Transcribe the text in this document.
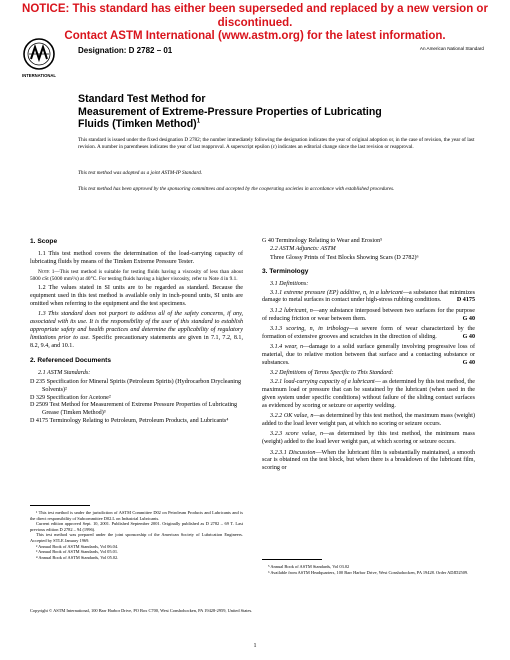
NOTICE: This standard has either been superseded and replaced by a new version or discontinued.
Contact ASTM International (www.astm.org) for the latest information.
INTERNATIONAL
Designation: D 2782 – 01	An American National Standard
Standard Test Method for
Measurement of Extreme-Pressure Properties of Lubricating
Fluids (Timken Method)$^1$
This standard is issued under the fixed designation D 2782; the number immediately following the designation indicates the year of original adoption or, in the case of revision, the year of last revision. A number in parentheses indicates the year of last reapproval. A superscript epsilon (ε) indicates an editorial change since the last revision or reapproval.
This test method was adopted as a joint ASTM-IP Standard.
This test method has been approved by the sponsoring committees and accepted by the cooperating societies in accordance with established procedures.
1. Scope

1.1 This test method covers the determination of the load-carrying capacity of lubricating fluids by means of the Timken Extreme Pressure Tester.

Note 1—This test method is suitable for testing fluids having a viscosity of less than about 5000 cSt (5000 mm²/s) at 40°C. For testing fluids having a higher viscosity, refer to Note 4 in 9.1.

1.2 The values stated in SI units are to be regarded as standard. Because the equipment used in this test method is available only in inch-pound units, SI units are omitted when referring to the equipment and the test specimens.

1.3 This standard does not purport to address all of the safety concerns, if any, associated with its use. It is the responsibility of the user of this standard to establish appropriate safety and health practices and determine the applicability of regulatory limitations prior to use. Specific precautionary statements are given in 7.1, 7.2, 8.1, 8.2, 9.4, and 10.1.

2. Referenced Documents

2.1 ASTM Standards:

D 235 Specification for Mineral Spirits (Petroleum Spirits) (Hydrocarbon Drycleaning Solvents)²

D 329 Specification for Acetone²

D 2509 Test Method for Measurement of Extreme Pressure Properties of Lubricating Grease (Timken Method)³

D 4175 Terminology Relating to Petroleum, Petroleum Products, and Lubricants⁴

G 40 Terminology Relating to Wear and Erosion⁵

2.2 ASTM Adjuncts: ASTM

Three Glossy Prints of Test Blocks Showing Scars (D 2782)⁶

3. Terminology

3.1 Definitions:

3.1.1 extreme pressure (EP) additive, n, in a lubricant—a substance that minimizes damage to metal surfaces in contact under high-stress rubbing conditions.	D 4175

3.1.2 lubricant, n—any substance interposed between two surfaces for the purpose of reducing friction or wear between them.	G 40

3.1.3 scoring, n, in tribology—a severe form of wear characterized by the formation of extensive grooves and scratches in the direction of sliding.	G 40

3.1.4 wear, n—damage to a solid surface generally involving progressive loss of material, due to relative motion between that surface and a contacting substance or substances.	G 40

3.2 Definitions of Terms Specific to This Standard:

3.2.1 load-carrying capacity of a lubricant— as determined by this test method, the maximum load or pressure that can be sustained by the lubricant (when used in the given system under specific conditions) without failure of the sliding contact surfaces as evidenced by scoring or seizure or asperity welding.

3.2.2 OK value, n—as determined by this test method, the maximum mass (weight) added to the load lever weight pan, at which no scoring or seizure occurs.

3.2.3 score value, n—as determined by this test method, the minimum mass (weight) added to the load lever weight pan, at which scoring or seizure occurs.

3.2.3.1 Discussion—When the lubricant film is substantially maintained, a smooth scar is obtained on the test block, but when there is a breakdown of the lubricant film, scoring or

¹ This test method is under the jurisdiction of ASTM Committee D02 on Petroleum Products and Lubricants and is the direct responsibility of Subcommittee D02.L on Industrial Lubricants.

Current edition approved Sept. 10, 2001. Published September 2001. Originally published as D 2782 – 69 T. Last previous edition D 2782 – 94 (1996).

This test method was prepared under the joint sponsorship of the American Society of Lubrication Engineers. Accepted by STLE January 1969.

² Annual Book of ASTM Standards, Vol 06.04.

³ Annual Book of ASTM Standards, Vol 05.01.

⁴ Annual Book of ASTM Standards, Vol 05.02.

⁵ Annual Book of ASTM Standards, Vol 03.02

⁶ Available from ASTM Headquarters, 100 Barr Harbor Drive, West Conshohocken, PA 19428. Order ADJD2509.

Copyright © ASTM International, 100 Barr Harbor Drive, PO Box C700, West Conshohocken, PA 19428-2959, United States.
1
